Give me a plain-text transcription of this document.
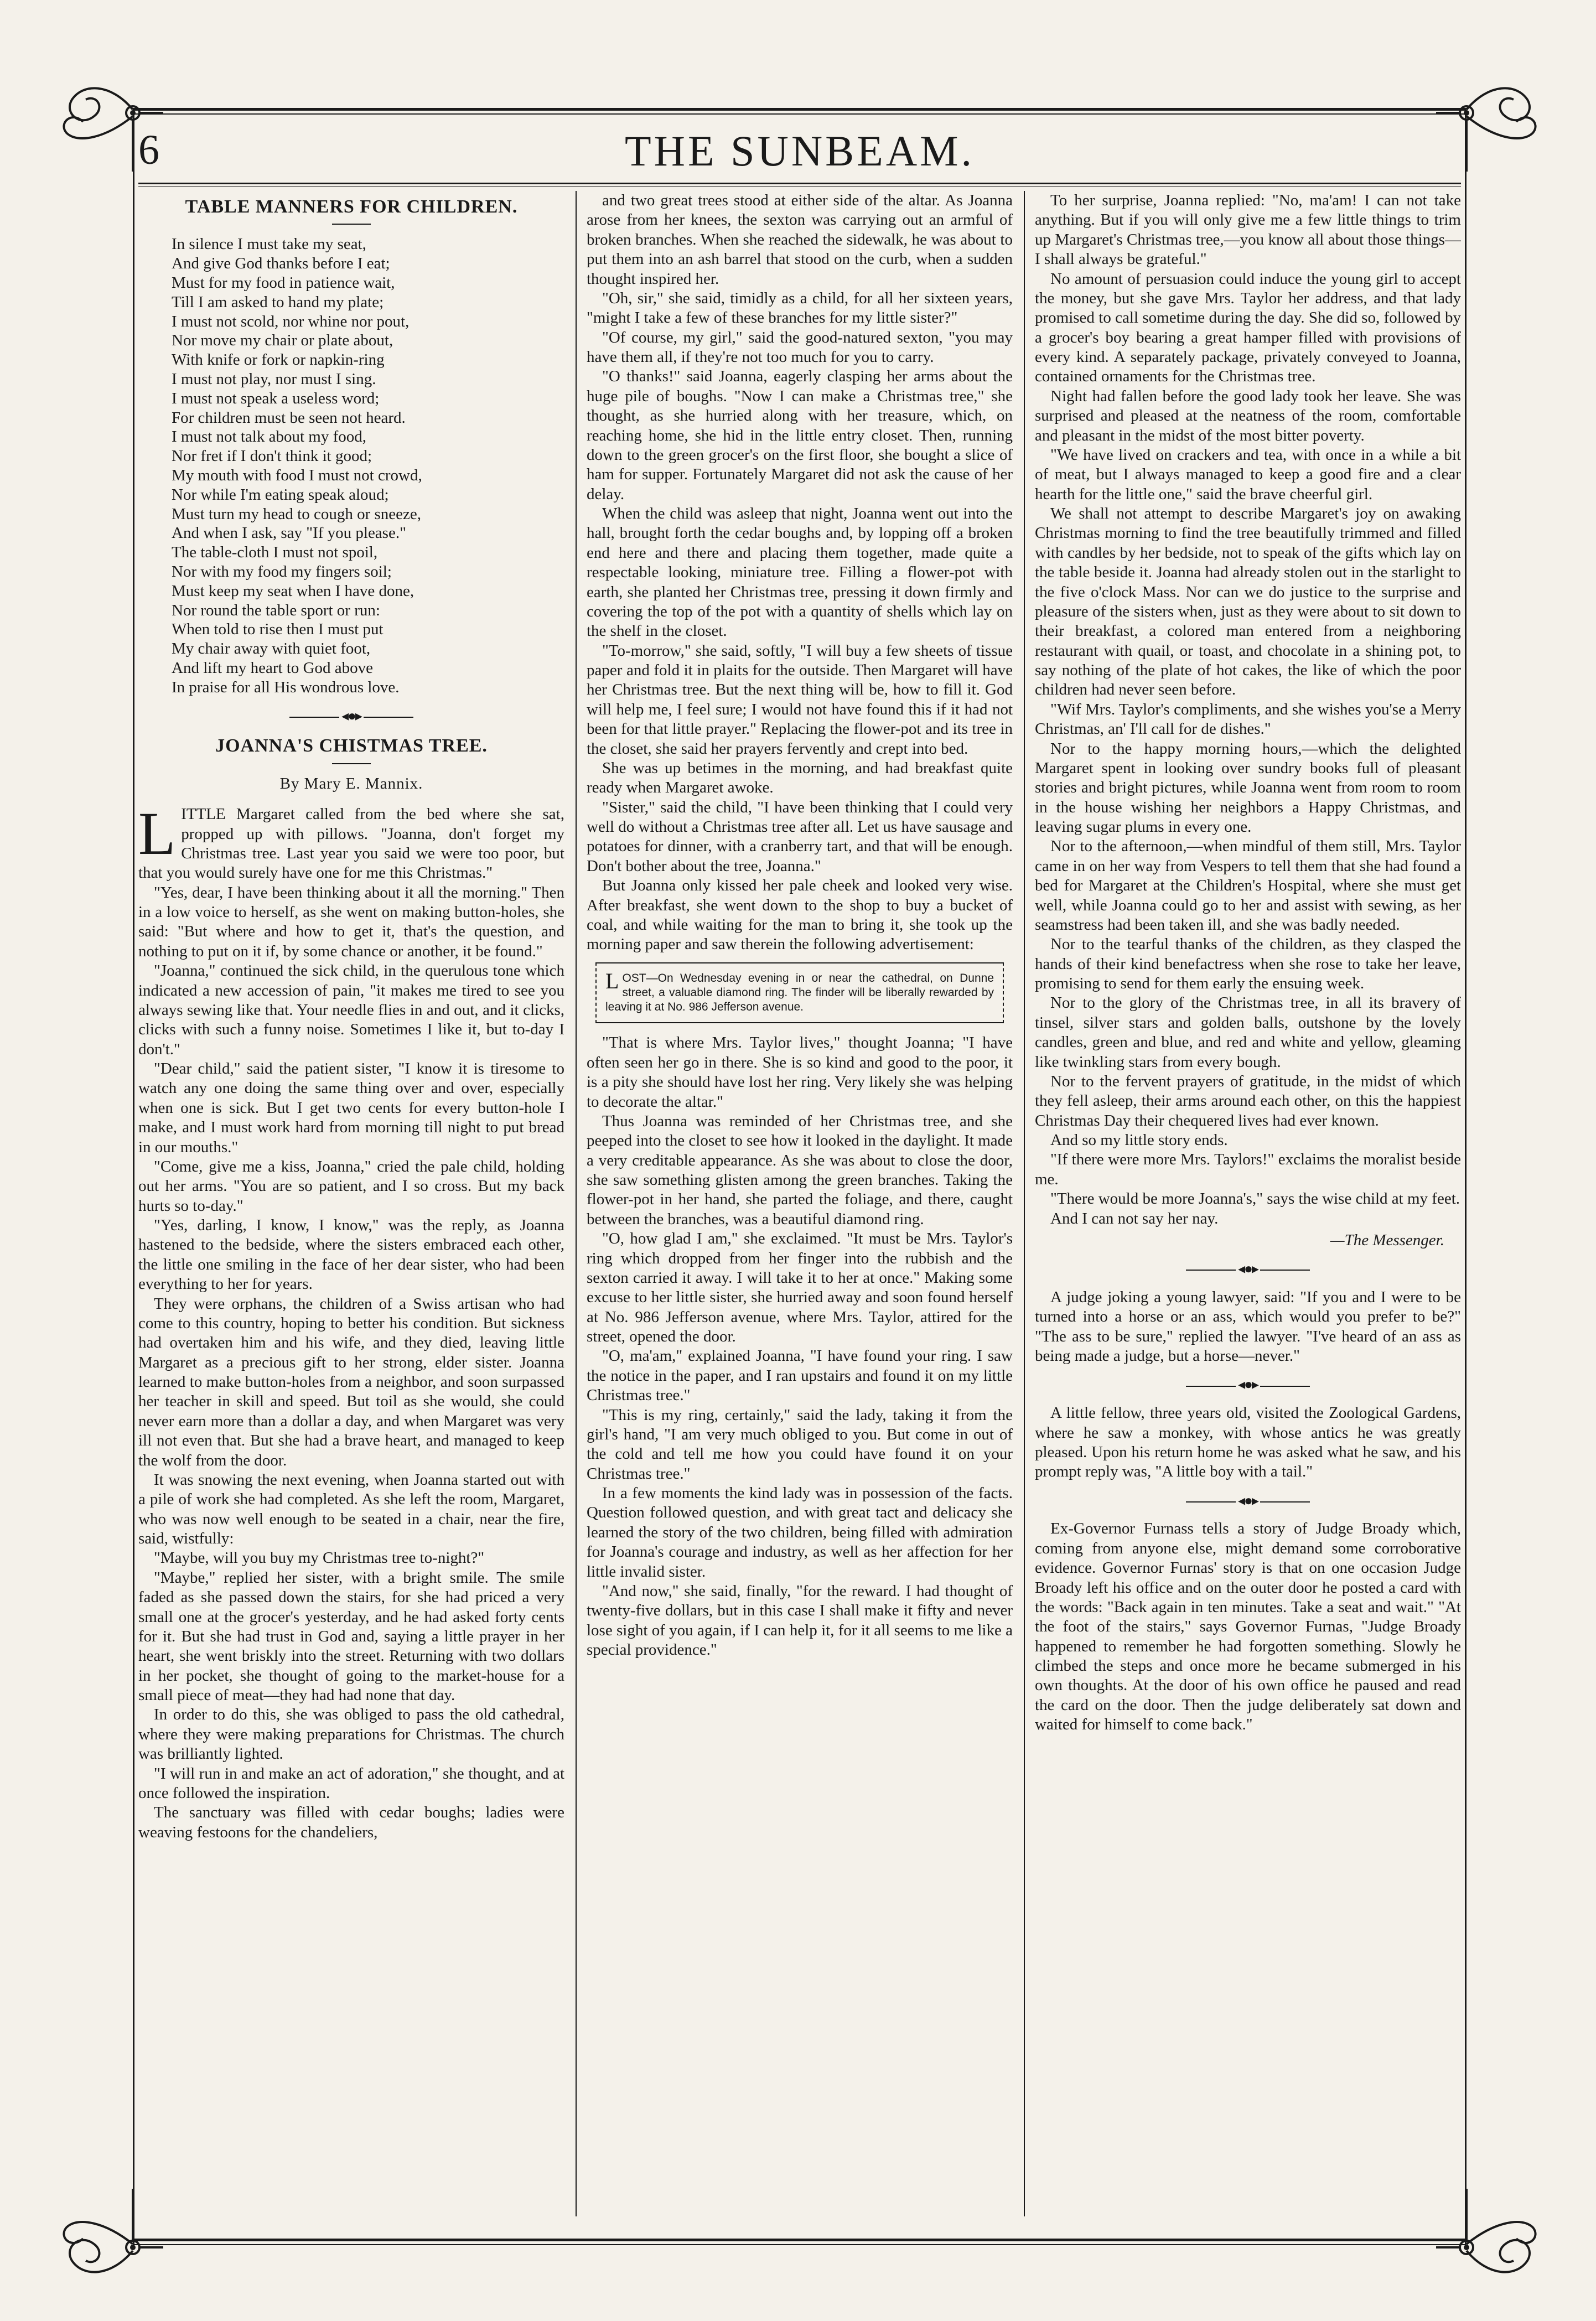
6	THE SUNBEAM.
TABLE MANNERS FOR CHILDREN.
In silence I must take my seat,
And give God thanks before I eat;
Must for my food in patience wait,
Till I am asked to hand my plate;
I must not scold, nor whine nor pout,
Nor move my chair or plate about,
With knife or fork or napkin-ring
I must not play, nor must I sing.
I must not speak a useless word;
For children must be seen not heard.
I must not talk about my food,
Nor fret if I don't think it good;
My mouth with food I must not crowd,
Nor while I'm eating speak aloud;
Must turn my head to cough or sneeze,
And when I ask, say "If you please."
The table-cloth I must not spoil,
Nor with my food my fingers soil;
Must keep my seat when I have done,
Nor round the table sport or run:
When told to rise then I must put
My chair away with quiet foot,
And lift my heart to God above
In praise for all His wondrous love.
◂●▸
JOANNA'S CHISTMAS TREE.
By Mary E. Mannix.

LITTLE Margaret called from the bed where she sat, propped up with pillows. "Joanna, don't forget my Christmas tree. Last year you said we were too poor, but that you would surely have one for me this Christmas."

"Yes, dear, I have been thinking about it all the morning." Then in a low voice to herself, as she went on making button-holes, she said: "But where and how to get it, that's the question, and nothing to put on it if, by some chance or another, it be found."

"Joanna," continued the sick child, in the querulous tone which indicated a new accession of pain, "it makes me tired to see you always sewing like that. Your needle flies in and out, and it clicks, clicks with such a funny noise. Sometimes I like it, but to-day I don't."

"Dear child," said the patient sister, "I know it is tiresome to watch any one doing the same thing over and over, especially when one is sick. But I get two cents for every button-hole I make, and I must work hard from morning till night to put bread in our mouths."

"Come, give me a kiss, Joanna," cried the pale child, holding out her arms. "You are so patient, and I so cross. But my back hurts so to-day."

"Yes, darling, I know, I know," was the reply, as Joanna hastened to the bedside, where the sisters embraced each other, the little one smiling in the face of her dear sister, who had been everything to her for years.

They were orphans, the children of a Swiss artisan who had come to this country, hoping to better his condition. But sickness had overtaken him and his wife, and they died, leaving little Margaret as a precious gift to her strong, elder sister. Joanna learned to make button-holes from a neighbor, and soon surpassed her teacher in skill and speed. But toil as she would, she could never earn more than a dollar a day, and when Margaret was very ill not even that. But she had a brave heart, and managed to keep the wolf from the door.

It was snowing the next evening, when Joanna started out with a pile of work she had completed. As she left the room, Margaret, who was now well enough to be seated in a chair, near the fire, said, wistfully:

"Maybe, will you buy my Christmas tree to-night?"

"Maybe," replied her sister, with a bright smile. The smile faded as she passed down the stairs, for she had priced a very small one at the grocer's yesterday, and he had asked forty cents for it. But she had trust in God and, saying a little prayer in her heart, she went briskly into the street. Returning with two dollars in her pocket, she thought of going to the market-house for a small piece of meat—they had had none that day.

In order to do this, she was obliged to pass the old cathedral, where they were making preparations for Christmas. The church was brilliantly lighted.

"I will run in and make an act of adoration," she thought, and at once followed the inspiration.

The sanctuary was filled with cedar boughs; ladies were weaving festoons for the chandeliers,

and two great trees stood at either side of the altar. As Joanna arose from her knees, the sexton was carrying out an armful of broken branches. When she reached the sidewalk, he was about to put them into an ash barrel that stood on the curb, when a sudden thought inspired her.

"Oh, sir," she said, timidly as a child, for all her sixteen years, "might I take a few of these branches for my little sister?"

"Of course, my girl," said the good-natured sexton, "you may have them all, if they're not too much for you to carry.

"O thanks!" said Joanna, eagerly clasping her arms about the huge pile of boughs. "Now I can make a Christmas tree," she thought, as she hurried along with her treasure, which, on reaching home, she hid in the little entry closet. Then, running down to the green grocer's on the first floor, she bought a slice of ham for supper. Fortunately Margaret did not ask the cause of her delay.

When the child was asleep that night, Joanna went out into the hall, brought forth the cedar boughs and, by lopping off a broken end here and there and placing them together, made quite a respectable looking, miniature tree. Filling a flower-pot with earth, she planted her Christmas tree, pressing it down firmly and covering the top of the pot with a quantity of shells which lay on the shelf in the closet.

"To-morrow," she said, softly, "I will buy a few sheets of tissue paper and fold it in plaits for the outside. Then Margaret will have her Christmas tree. But the next thing will be, how to fill it. God will help me, I feel sure; I would not have found this if it had not been for that little prayer." Replacing the flower-pot and its tree in the closet, she said her prayers fervently and crept into bed.

She was up betimes in the morning, and had breakfast quite ready when Margaret awoke.

"Sister," said the child, "I have been thinking that I could very well do without a Christmas tree after all. Let us have sausage and potatoes for dinner, with a cranberry tart, and that will be enough. Don't bother about the tree, Joanna."

But Joanna only kissed her pale cheek and looked very wise. After breakfast, she went down to the shop to buy a bucket of coal, and while waiting for the man to bring it, she took up the morning paper and saw therein the following advertisement:

LOST—On Wednesday evening in or near the cathedral, on Dunne street, a valuable diamond ring. The finder will be liberally rewarded by leaving it at No. 986 Jefferson avenue.

"That is where Mrs. Taylor lives," thought Joanna; "I have often seen her go in there. She is so kind and good to the poor, it is a pity she should have lost her ring. Very likely she was helping to decorate the altar."

Thus Joanna was reminded of her Christmas tree, and she peeped into the closet to see how it looked in the daylight. It made a very creditable appearance. As she was about to close the door, she saw something glisten among the green branches. Taking the flower-pot in her hand, she parted the foliage, and there, caught between the branches, was a beautiful diamond ring.

"O, how glad I am," she exclaimed. "It must be Mrs. Taylor's ring which dropped from her finger into the rubbish and the sexton carried it away. I will take it to her at once." Making some excuse to her little sister, she hurried away and soon found herself at No. 986 Jefferson avenue, where Mrs. Taylor, attired for the street, opened the door.

"O, ma'am," explained Joanna, "I have found your ring. I saw the notice in the paper, and I ran upstairs and found it on my little Christmas tree."

"This is my ring, certainly," said the lady, taking it from the girl's hand, "I am very much obliged to you. But come in out of the cold and tell me how you could have found it on your Christmas tree."

In a few moments the kind lady was in possession of the facts. Question followed question, and with great tact and delicacy she learned the story of the two children, being filled with admiration for Joanna's courage and industry, as well as her affection for her little invalid sister.

"And now," she said, finally, "for the reward. I had thought of twenty-five dollars, but in this case I shall make it fifty and never lose sight of you again, if I can help it, for it all seems to me like a special providence."

To her surprise, Joanna replied: "No, ma'am! I can not take anything. But if you will only give me a few little things to trim up Margaret's Christmas tree,—you know all about those things—I shall always be grateful."

No amount of persuasion could induce the young girl to accept the money, but she gave Mrs. Taylor her address, and that lady promised to call sometime during the day. She did so, followed by a grocer's boy bearing a great hamper filled with provisions of every kind. A separately package, privately conveyed to Joanna, contained ornaments for the Christmas tree.

Night had fallen before the good lady took her leave. She was surprised and pleased at the neatness of the room, comfortable and pleasant in the midst of the most bitter poverty.

"We have lived on crackers and tea, with once in a while a bit of meat, but I always managed to keep a good fire and a clear hearth for the little one," said the brave cheerful girl.

We shall not attempt to describe Margaret's joy on awaking Christmas morning to find the tree beautifully trimmed and filled with candles by her bedside, not to speak of the gifts which lay on the table beside it. Joanna had already stolen out in the starlight to the five o'clock Mass. Nor can we do justice to the surprise and pleasure of the sisters when, just as they were about to sit down to their breakfast, a colored man entered from a neighboring restaurant with quail, or toast, and chocolate in a shining pot, to say nothing of the plate of hot cakes, the like of which the poor children had never seen before.

"Wif Mrs. Taylor's compliments, and she wishes you'se a Merry Christmas, an' I'll call for de dishes."

Nor to the happy morning hours,—which the delighted Margaret spent in looking over sundry books full of pleasant stories and bright pictures, while Joanna went from room to room in the house wishing her neighbors a Happy Christmas, and leaving sugar plums in every one.

Nor to the afternoon,—when mindful of them still, Mrs. Taylor came in on her way from Vespers to tell them that she had found a bed for Margaret at the Children's Hospital, where she must get well, while Joanna could go to her and assist with sewing, as her seamstress had been taken ill, and she was badly needed.

Nor to the tearful thanks of the children, as they clasped the hands of their kind benefactress when she rose to take her leave, promising to send for them early the ensuing week.

Nor to the glory of the Christmas tree, in all its bravery of tinsel, silver stars and golden balls, outshone by the lovely candles, green and blue, and red and white and yellow, gleaming like twinkling stars from every bough.

Nor to the fervent prayers of gratitude, in the midst of which they fell asleep, their arms around each other, on this the happiest Christmas Day their chequered lives had ever known.

And so my little story ends.

"If there were more Mrs. Taylors!" exclaims the moralist beside me.

"There would be more Joanna's," says the wise child at my feet.

And I can not say her nay.

—The Messenger.
◂●▸

A judge joking a young lawyer, said: "If you and I were to be turned into a horse or an ass, which would you prefer to be?" "The ass to be sure," replied the lawyer. "I've heard of an ass as being made a judge, but a horse—never."

◂●▸

A little fellow, three years old, visited the Zoological Gardens, where he saw a monkey, with whose antics he was greatly pleased. Upon his return home he was asked what he saw, and his prompt reply was, "A little boy with a tail."

◂●▸

Ex-Governor Furnass tells a story of Judge Broady which, coming from anyone else, might demand some corroborative evidence. Governor Furnas' story is that on one occasion Judge Broady left his office and on the outer door he posted a card with the words: "Back again in ten minutes. Take a seat and wait." "At the foot of the stairs," says Governor Furnas, "Judge Broady happened to remember he had forgotten something. Slowly he climbed the steps and once more he became submerged in his own thoughts. At the door of his own office he paused and read the card on the door. Then the judge deliberately sat down and waited for himself to come back."
